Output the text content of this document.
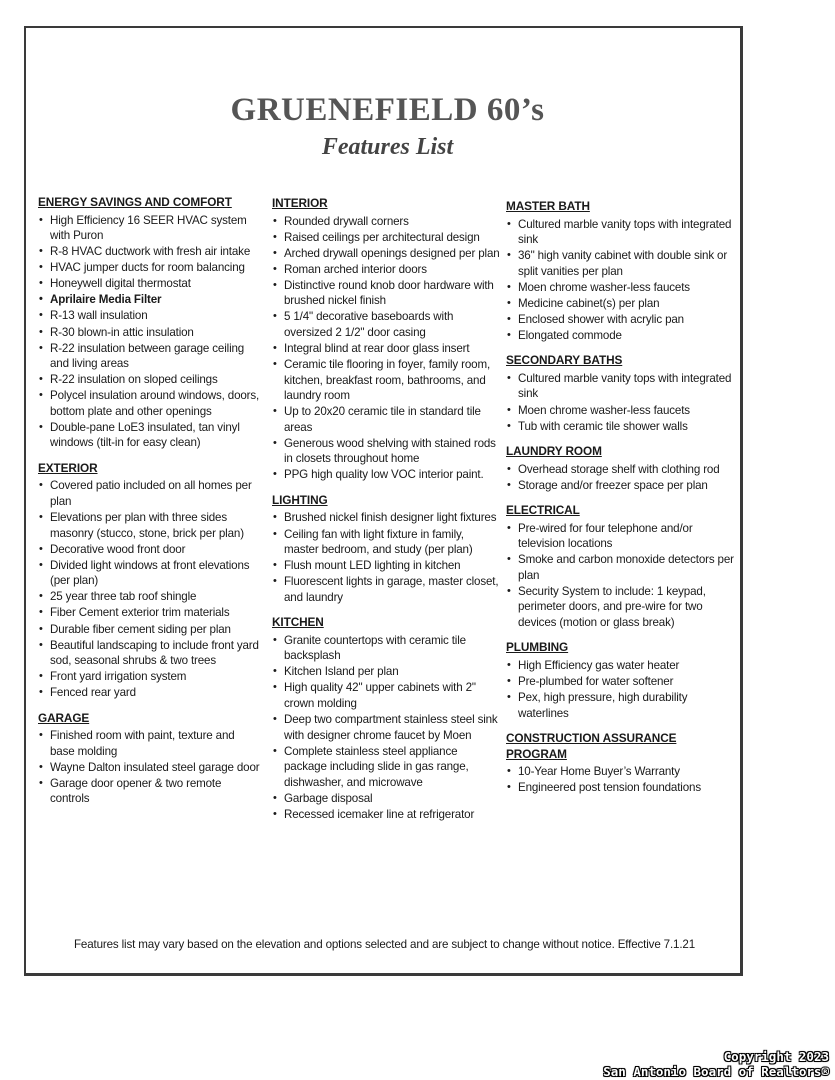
GRUENEFIELD 60’s
Features List
ENERGY SAVINGS AND COMFORT
• High Efficiency 16 SEER HVAC system with Puron
• R-8 HVAC ductwork with fresh air intake
• HVAC jumper ducts for room balancing
• Honeywell digital thermostat
• Aprilaire Media Filter
• R-13 wall insulation
• R-30 blown-in attic insulation
• R-22 insulation between garage ceiling and living areas
• R-22 insulation on sloped ceilings
• Polycel insulation around windows, doors, bottom plate and other openings
• Double-pane LoE3 insulated, tan vinyl windows (tilt-in for easy clean)
EXTERIOR
• Covered patio included on all homes per plan
• Elevations per plan with three sides masonry (stucco, stone, brick per plan)
• Decorative wood front door
• Divided light windows at front elevations (per plan)
• 25 year three tab roof shingle
• Fiber Cement exterior trim materials
• Durable fiber cement siding per plan
• Beautiful landscaping to include front yard sod, seasonal shrubs & two trees
• Front yard irrigation system
• Fenced rear yard
GARAGE
• Finished room with paint, texture and base molding
• Wayne Dalton insulated steel garage door
• Garage door opener & two remote controls
INTERIOR
• Rounded drywall corners
• Raised ceilings per architectural design
• Arched drywall openings designed per plan
• Roman arched interior doors
• Distinctive round knob door hardware with brushed nickel finish
• 5 1/4" decorative baseboards with oversized 2 1/2" door casing
• Integral blind at rear door glass insert
• Ceramic tile flooring in foyer, family room, kitchen, breakfast room, bathrooms, and laundry room
• Up to 20x20 ceramic tile in standard tile areas
• Generous wood shelving with stained rods in closets throughout home
• PPG high quality low VOC interior paint.
LIGHTING
• Brushed nickel finish designer light fixtures
• Ceiling fan with light fixture in family, master bedroom, and study (per plan)
• Flush mount LED lighting in kitchen
• Fluorescent lights in garage, master closet, and laundry
KITCHEN
• Granite countertops with ceramic tile backsplash
• Kitchen Island per plan
• High quality 42" upper cabinets with 2" crown molding
• Deep two compartment stainless steel sink with designer chrome faucet by Moen
• Complete stainless steel appliance package including slide in gas range, dishwasher, and microwave
• Garbage disposal
• Recessed icemaker line at refrigerator
MASTER BATH
• Cultured marble vanity tops with integrated sink
• 36" high vanity cabinet with double sink or split vanities per plan
• Moen chrome washer-less faucets
• Medicine cabinet(s) per plan
• Enclosed shower with acrylic pan
• Elongated commode
SECONDARY BATHS
• Cultured marble vanity tops with integrated sink
• Moen chrome washer-less faucets
• Tub with ceramic tile shower walls
LAUNDRY ROOM
• Overhead storage shelf with clothing rod
• Storage and/or freezer space per plan
ELECTRICAL
• Pre-wired for four telephone and/or television locations
• Smoke and carbon monoxide detectors per plan
• Security System to include: 1 keypad, perimeter doors, and pre-wire for two devices (motion or glass break)
PLUMBING
• High Efficiency gas water heater
• Pre-plumbed for water softener
• Pex, high pressure, high durability waterlines
CONSTRUCTION ASSURANCE PROGRAM
• 10-Year Home Buyer’s Warranty
• Engineered post tension foundations
Features list may vary based on the elevation and options selected and are subject to change without notice. Effective 7.1.21
Copyright 2023
San Antonio Board of Realtors®
